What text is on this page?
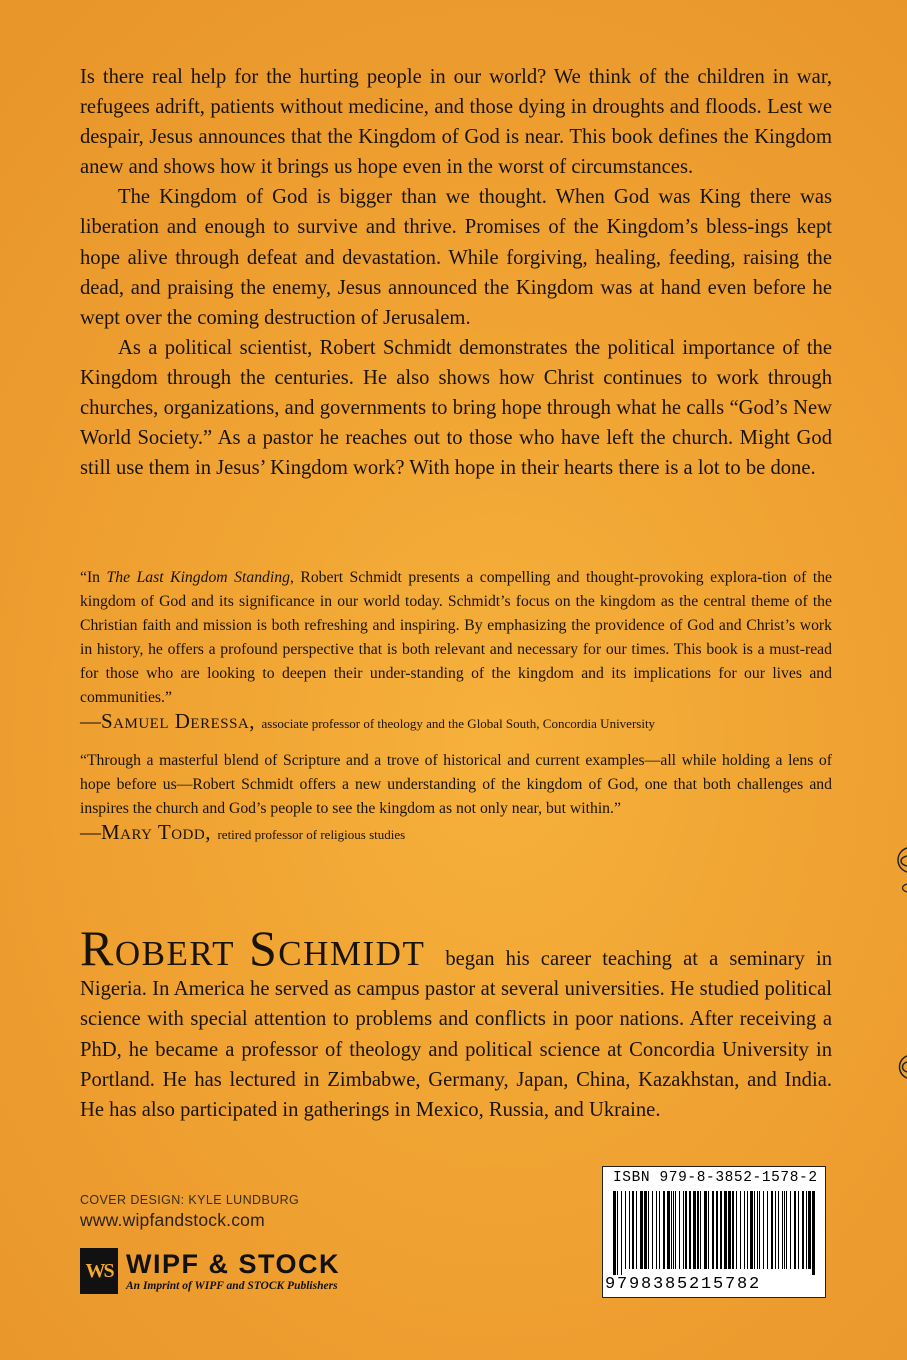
Is there real help for the hurting people in our world? We think of the children in war, refugees adrift, patients without medicine, and those dying in droughts and floods. Lest we despair, Jesus announces that the Kingdom of God is near. This book defines the Kingdom anew and shows how it brings us hope even in the worst of circumstances.

The Kingdom of God is bigger than we thought. When God was King there was liberation and enough to survive and thrive. Promises of the Kingdom’s bless-ings kept hope alive through defeat and devastation. While forgiving, healing, feeding, raising the dead, and praising the enemy, Jesus announced the Kingdom was at hand even before he wept over the coming destruction of Jerusalem.

As a political scientist, Robert Schmidt demonstrates the political importance of the Kingdom through the centuries. He also shows how Christ continues to work through churches, organizations, and governments to bring hope through what he calls “God’s New World Society.” As a pastor he reaches out to those who have left the church. Might God still use them in Jesus’ Kingdom work? With hope in their hearts there is a lot to be done.

“In The Last Kingdom Standing, Robert Schmidt presents a compelling and thought-provoking explora-tion of the kingdom of God and its significance in our world today. Schmidt’s focus on the kingdom as the central theme of the Christian faith and mission is both refreshing and inspiring. By emphasizing the providence of God and Christ’s work in history, he offers a profound perspective that is both relevant and necessary for our times. This book is a must-read for those who are looking to deepen their under-standing of the kingdom and its implications for our lives and communities.”

—Samuel Deressa, associate professor of theology and the Global South, Concordia University

“Through a masterful blend of Scripture and a trove of historical and current examples—all while holding a lens of hope before us—Robert Schmidt offers a new understanding of the kingdom of God, one that both challenges and inspires the church and God’s people to see the kingdom as not only near, but within.”

—Mary Todd, retired professor of religious studies

Robert Schmidt began his career teaching at a seminary in Nigeria. In America he served as campus pastor at several universities. He studied political science with special attention to problems and conflicts in poor nations. After receiving a PhD, he became a professor of theology and political science at Concordia University in Portland. He has lectured in Zimbabwe, Germany, Japan, China, Kazakhstan, and India. He has also participated in gatherings in Mexico, Russia, and Ukraine.

COVER DESIGN: KYLE LUNDBURG
www.wipfandstock.com
WS WIPF & STOCK
An Imprint of WIPF and STOCK Publishers
ISBN 979-8-3852-1578-2
9798385215782
